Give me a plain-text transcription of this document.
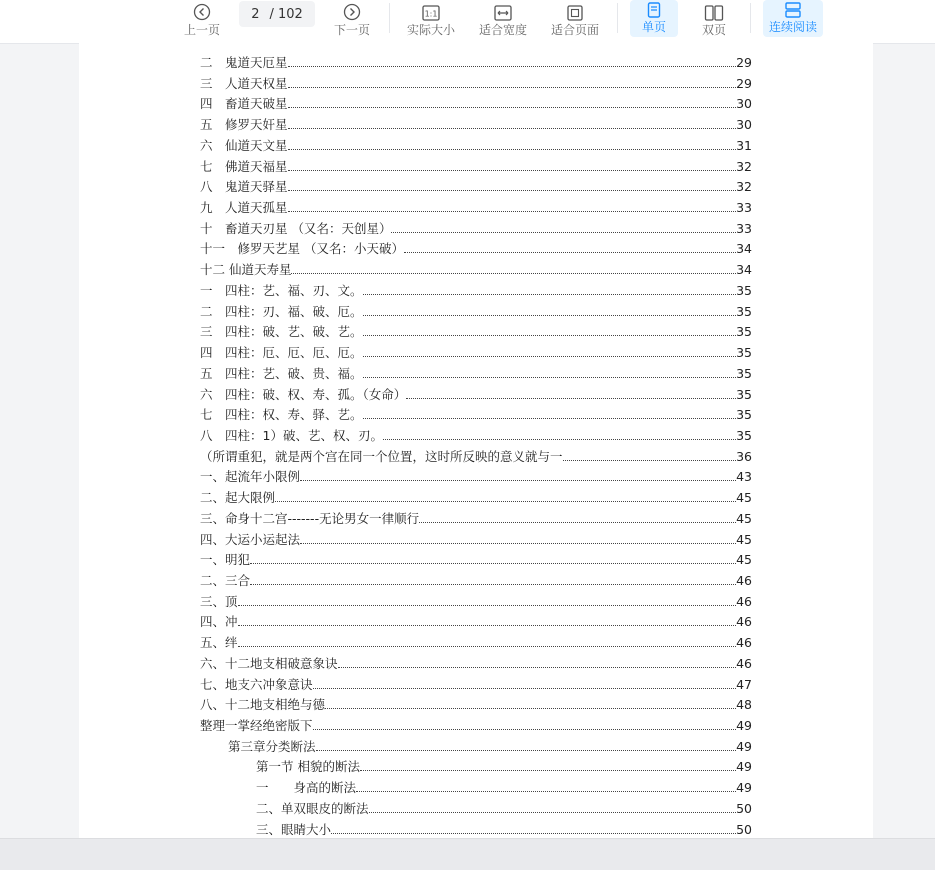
上一页
2 / 102
下一页
1:1
实际大小 适合宽度 适合页面	单页	双页	连续阅读
二　鬼道天厄星	29
三　人道天权星	29
四　畜道天破星	30
五　修罗天奸星	30
六　仙道天文星	31
七　佛道天福星	32
八　鬼道天驿星	32
九　人道天孤星	33
十　畜道天刃星 （又名：天创星）	33
十一　修罗天艺星 （又名：小天破）	34
十二 仙道天寿星	34
一　四柱：艺、福、刃、文。	35
二　四柱：刃、福、破、厄。	35
三　四柱：破、艺、破、艺。	35
四　四柱：厄、厄、厄、厄。	35
五　四柱：艺、破、贵、福。	35
六　四柱：破、权、寿、孤。（女命）	35
七　四柱：权、寿、驿、艺。	35
八　四柱：1）破、艺、权、刃。	35
（所谓重犯，就是两个宫在同一个位置，这时所反映的意义就与一	36
一、起流年小限例	43
二、起大限例	45
三、命身十二宫-------无论男女一律顺行	45
四、大运小运起法	45
一、明犯	45
二、三合	46
三、顶	46
四、冲	46
五、绊	46
六、十二地支相破意象诀	46
七、地支六冲象意诀	47
八、十二地支相绝与德	48
整理一掌经绝密版下	49
第三章分类断法	49
第一节 相貌的断法	49
一　　身高的断法	49
二、单双眼皮的断法	50
三、眼睛大小	50
